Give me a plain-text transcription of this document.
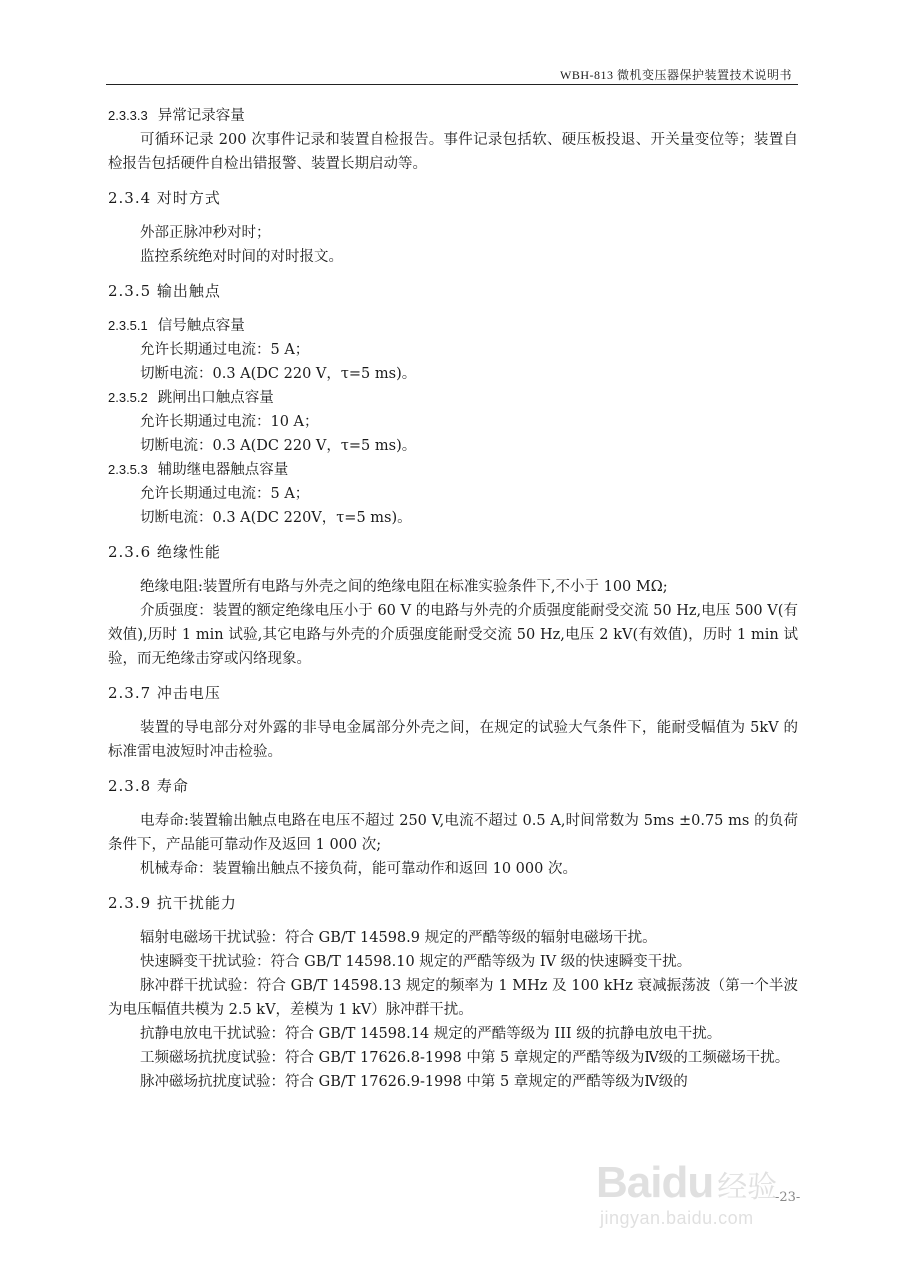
WBH-813 微机变压器保护装置技术说明书
2.3.3.3 异常记录容量
可循环记录 200 次事件记录和装置自检报告。事件记录包括软、硬压板投退、开关量变位等；装置自检报告包括硬件自检出错报警、装置长期启动等。
2.3.4 对时方式
外部正脉冲秒对时；
监控系统绝对时间的对时报文。
2.3.5 输出触点
2.3.5.1 信号触点容量
允许长期通过电流：5 A；
切断电流：0.3 A(DC 220 V，τ=5 ms)。
2.3.5.2 跳闸出口触点容量
允许长期通过电流：10 A；
切断电流：0.3 A(DC 220 V，τ=5 ms)。
2.3.5.3 辅助继电器触点容量
允许长期通过电流：5 A；
切断电流：0.3 A(DC 220V，τ=5 ms)。
2.3.6 绝缘性能
绝缘电阻:装置所有电路与外壳之间的绝缘电阻在标准实验条件下,不小于 100 MΩ;
介质强度：装置的额定绝缘电压小于 60 V 的电路与外壳的介质强度能耐受交流 50 Hz,电压 500 V(有效值),历时 1 min 试验,其它电路与外壳的介质强度能耐受交流 50 Hz,电压 2 kV(有效值)，历时 1 min 试验，而无绝缘击穿或闪络现象。
2.3.7 冲击电压
装置的导电部分对外露的非导电金属部分外壳之间，在规定的试验大气条件下，能耐受幅值为 5kV 的标准雷电波短时冲击检验。
2.3.8 寿命
电寿命:装置输出触点电路在电压不超过 250 V,电流不超过 0.5 A,时间常数为 5ms ±0.75 ms 的负荷条件下，产品能可靠动作及返回 1 000 次;
机械寿命：装置输出触点不接负荷，能可靠动作和返回 10 000 次。
2.3.9 抗干扰能力
辐射电磁场干扰试验：符合 GB/T 14598.9 规定的严酷等级的辐射电磁场干扰。
快速瞬变干扰试验：符合 GB/T 14598.10 规定的严酷等级为 IV 级的快速瞬变干扰。
脉冲群干扰试验：符合 GB/T 14598.13 规定的频率为 1 MHz 及 100 kHz 衰减振荡波（第一个半波为电压幅值共模为 2.5 kV，差模为 1 kV）脉冲群干扰。
抗静电放电干扰试验：符合 GB/T 14598.14 规定的严酷等级为 III 级的抗静电放电干扰。
工频磁场抗扰度试验：符合 GB/T 17626.8-1998 中第 5 章规定的严酷等级为Ⅳ级的工频磁场干扰。
脉冲磁场抗扰度试验：符合 GB/T 17626.9-1998 中第 5 章规定的严酷等级为Ⅳ级的
-23-
Baidu 经验
jingyan.baidu.com
